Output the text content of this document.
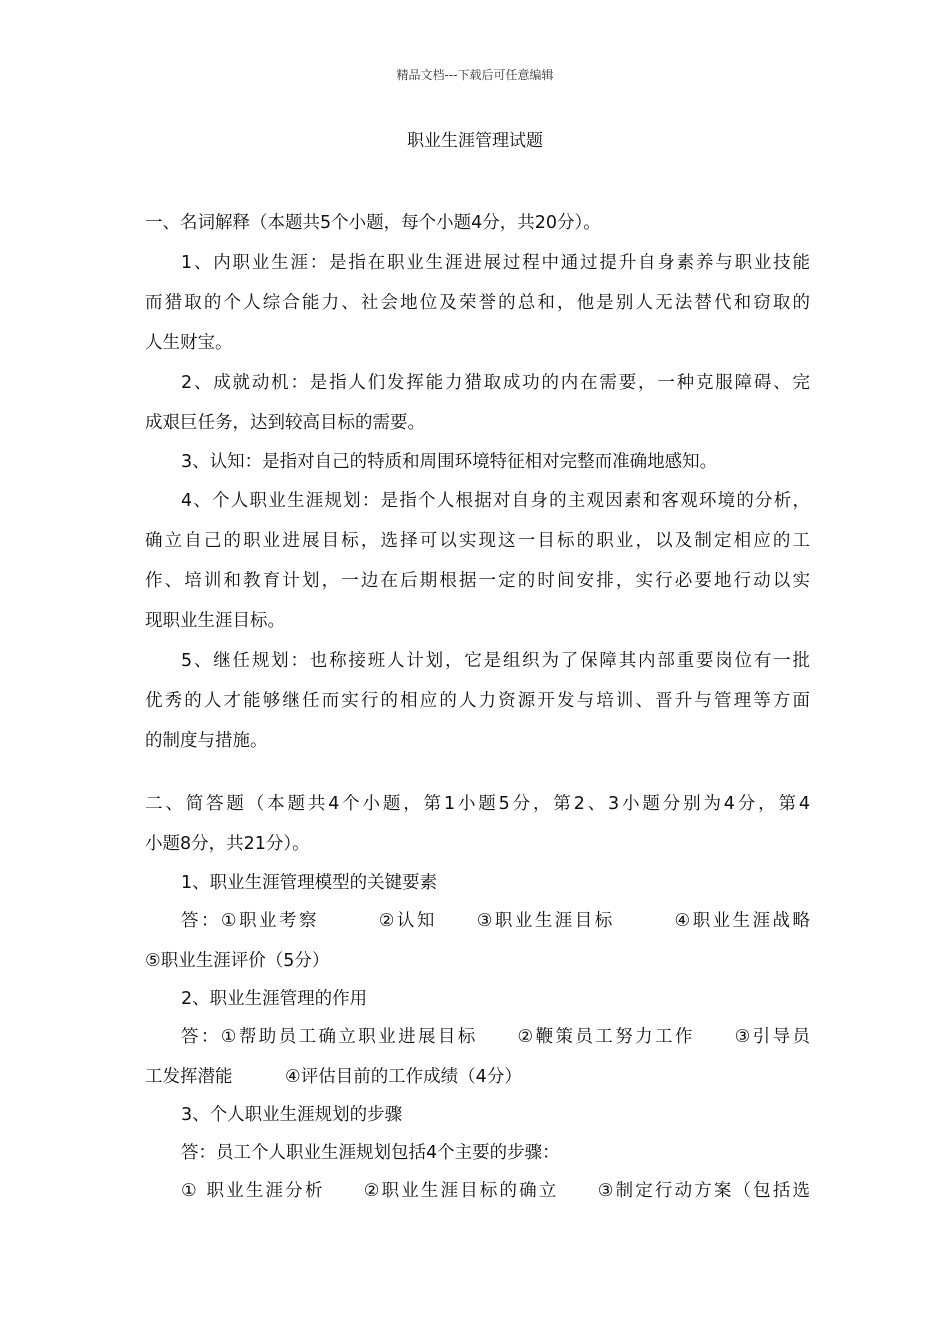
精品文档---下载后可任意编辑
职业生涯管理试题
一、名词解释（本题共5个小题，每个小题4分，共20分）。
1、内职业生涯：是指在职业生涯进展过程中通过提升自身素养与职业技能
而猎取的个人综合能力、社会地位及荣誉的总和，他是别人无法替代和窃取的
人生财宝。
2、成就动机：是指人们发挥能力猎取成功的内在需要，一种克服障碍、完
成艰巨任务，达到较高目标的需要。
3、认知：是指对自己的特质和周围环境特征相对完整而准确地感知。
4、个人职业生涯规划：是指个人根据对自身的主观因素和客观环境的分析，
确立自己的职业进展目标，选择可以实现这一目标的职业，以及制定相应的工
作、培训和教育计划，一边在后期根据一定的时间安排，实行必要地行动以实
现职业生涯目标。
5、继任规划：也称接班人计划，它是组织为了保障其内部重要岗位有一批
优秀的人才能够继任而实行的相应的人力资源开发与培训、晋升与管理等方面
的制度与措施。
二、简答题（本题共4个小题，第1小题5分，第2、3小题分别为4分，第4
小题8分，共21分）。
1、职业生涯管理模型的关键要素
答：①职业考察　　　②认知　　③职业生涯目标　　　④职业生涯战略
⑤职业生涯评价（5分）
2、职业生涯管理的作用
答：①帮助员工确立职业进展目标　　②鞭策员工努力工作　　③引导员
工发挥潜能　　　④评估目前的工作成绩（4分）
3、个人职业生涯规划的步骤
答：员工个人职业生涯规划包括4个主要的步骤：
① 职业生涯分析　　②职业生涯目标的确立　　③制定行动方案（包括选
